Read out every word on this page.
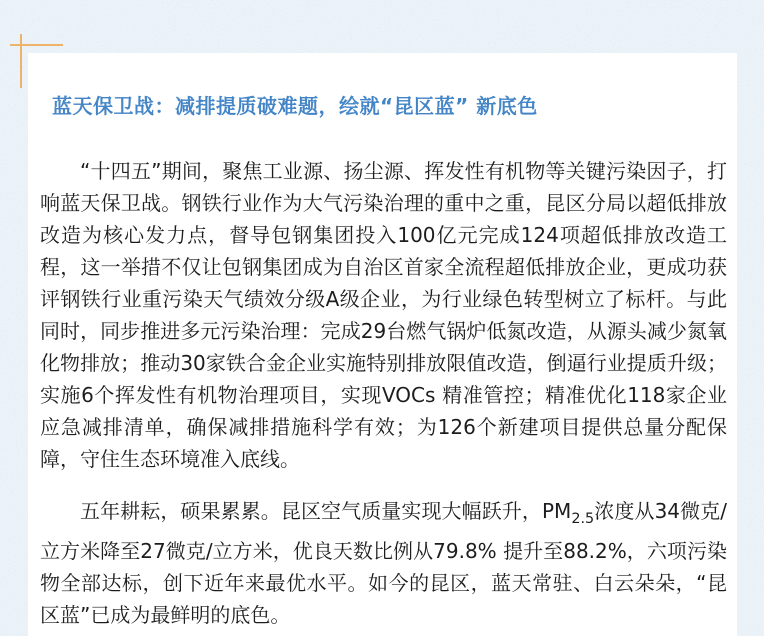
蓝天保卫战：减排提质破难题，绘就“昆区蓝” 新底色

“十四五”期间，聚焦工业源、扬尘源、挥发性有机物等关键污染因子，打响蓝天保卫战。钢铁行业作为大气污染治理的重中之重，昆区分局以超低排放改造为核心发力点，督导包钢集团投入100亿元完成124项超低排放改造工程，这一举措不仅让包钢集团成为自治区首家全流程超低排放企业，更成功获评钢铁行业重污染天气绩效分级A级企业，为行业绿色转型树立了标杆。与此同时，同步推进多元污染治理：完成29台燃气锅炉低氮改造，从源头减少氮氧化物排放；推动30家铁合金企业实施特别排放限值改造，倒逼行业提质升级；实施6个挥发性有机物治理项目，实现VOCs 精准管控；精准优化118家企业应急减排清单，确保减排措施科学有效；为126个新建项目提供总量分配保障，守住生态环境准入底线。

五年耕耘，硕果累累。昆区空气质量实现大幅跃升，$PM_{2.5}$浓度从34微克/立方米降至27微克/立方米，优良天数比例从79.8% 提升至88.2%，六项污染物全部达标，创下近年来最优水平。如今的昆区，蓝天常驻、白云朵朵，“昆区蓝”已成为最鲜明的底色。
